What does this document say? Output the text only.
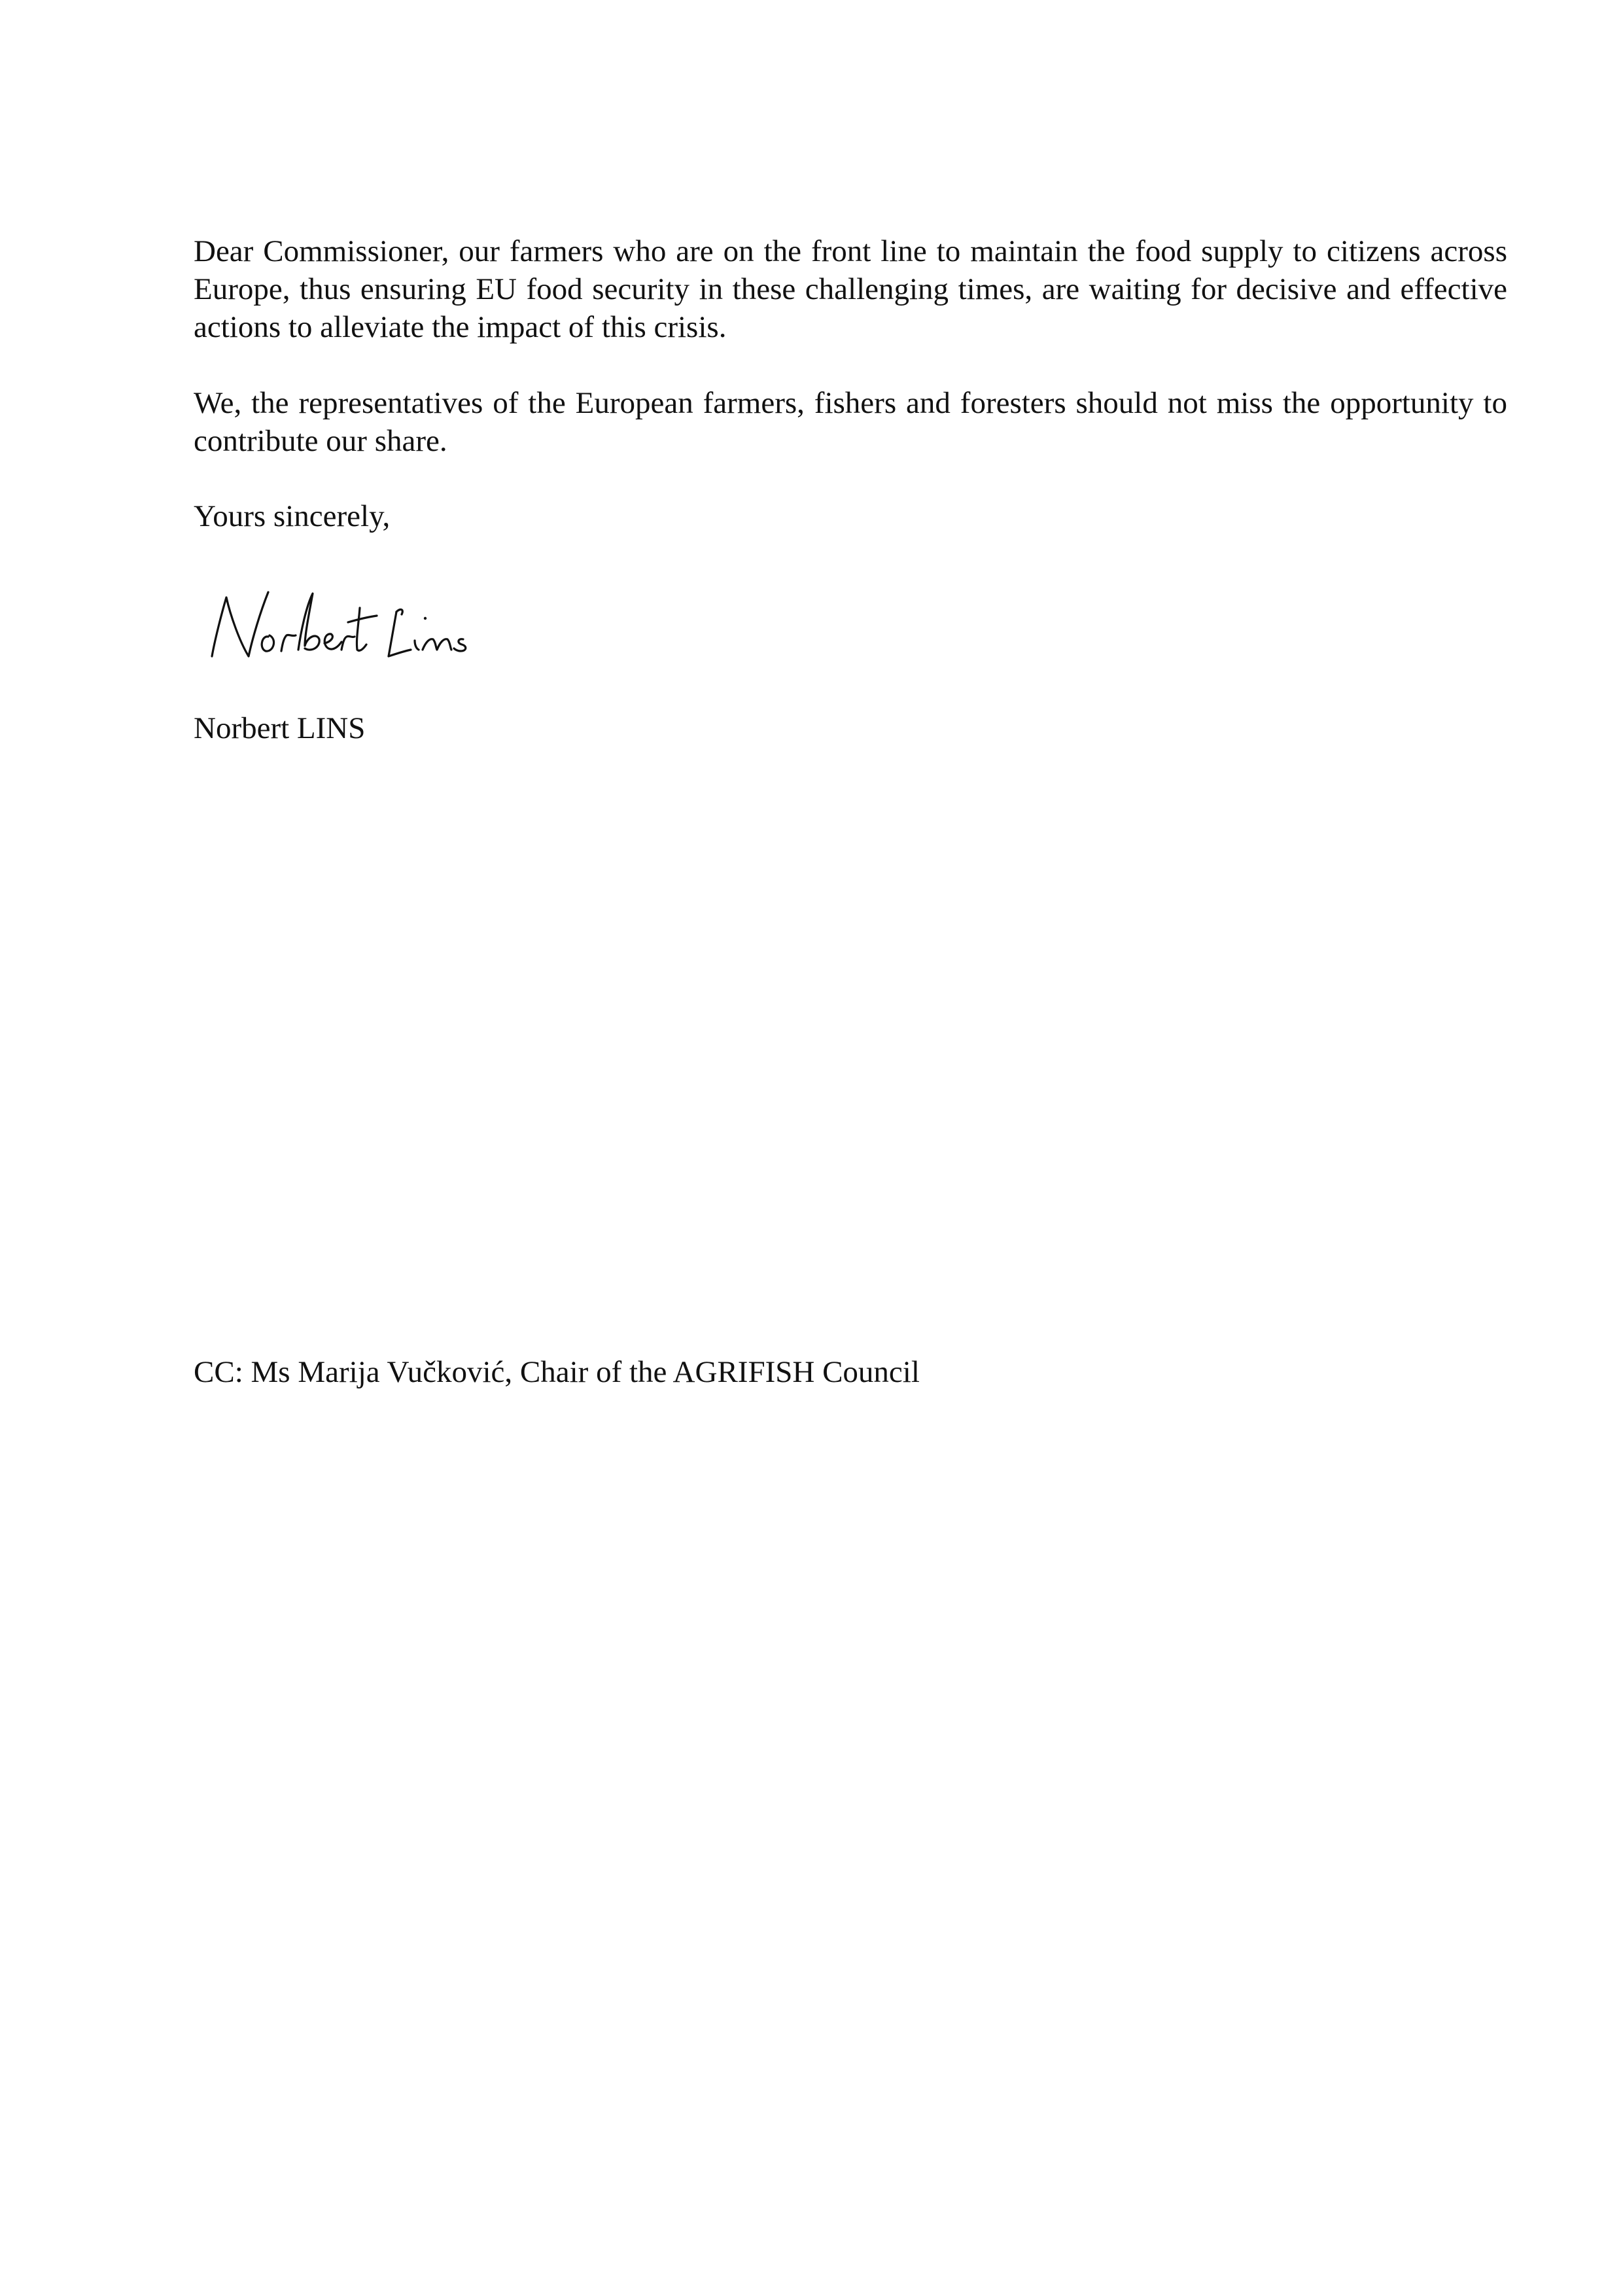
Dear Commissioner, our farmers who are on the front line to maintain the food supply to citizens across Europe, thus ensuring EU food security in these challenging times, are waiting for decisive and effective actions to alleviate the impact of this crisis.

We, the representatives of the European farmers, fishers and foresters should not miss the opportunity to contribute our share.

Yours sincerely,

Norbert LINS

CC: Ms Marija Vučković, Chair of the AGRIFISH Council
